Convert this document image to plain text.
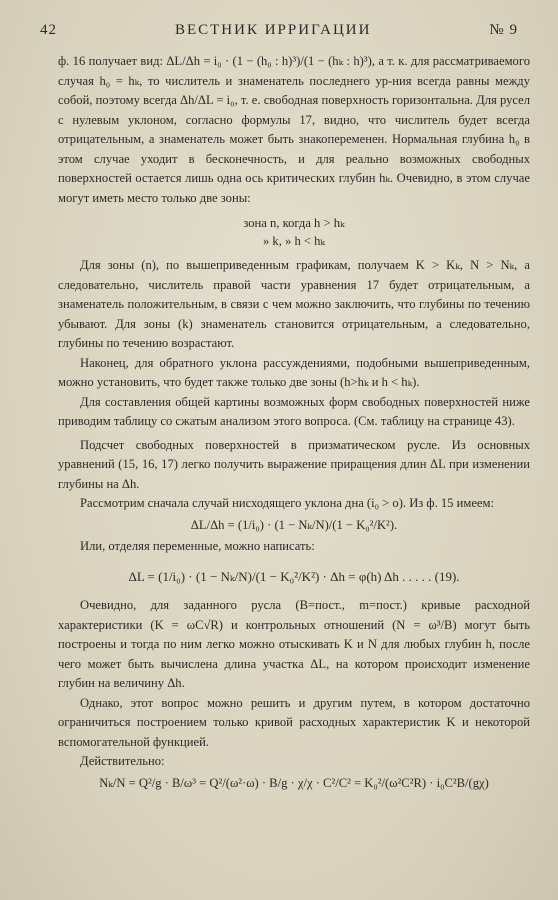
42	ВЕСТНИК ИРРИГАЦИИ	№ 9

ф. 16 получает вид: ΔL/Δh = i₀ · (1 − (h₀ : h)³)/(1 − (hₖ : h)³), а т. к. для рассматриваемого случая h₀ = hₖ, то числитель и знаменатель последнего ур-ния всегда равны между собой, поэтому всегда Δh/ΔL = i₀, т. е. свободная поверхность горизонтальна. Для русел с нулевым уклоном, согласно формулы 17, видно, что числитель будет всегда отрицательным, а знаменатель может быть знакопеременен. Нормальная глубина h₀ в этом случае уходит в бесконечность, и для реально возможных свободных поверхностей остается лишь одна ось критических глубин hₖ. Очевидно, в этом случае могут иметь место только две зоны:

зона n, когда h > hₖ
» k, » h < hₖ

Для зоны (n), по вышеприведенным графикам, получаем K > Kₖ, N > Nₖ, а следовательно, числитель правой части уравнения 17 будет отрицательным, а знаменатель положительным, в связи с чем можно заключить, что глубины по течению убывают. Для зоны (k) знаменатель становится отрицательным, а следовательно, глубины по течению возрастают.

Наконец, для обратного уклона рассуждениями, подобными вышеприведенным, можно установить, что будет также только две зоны (h>hₖ и h < hₖ).

Для составления общей картины возможных форм свободных поверхностей ниже приводим таблицу со сжатым анализом этого вопроса. (См. таблицу на странице 43).

Подсчет свободных поверхностей в призматическом русле. Из основных уравнений (15, 16, 17) легко получить выражение приращения длин ΔL при изменении глубины на Δh.

Рассмотрим сначала случай нисходящего уклона дна (i₀ > o). Из ф. 15 имеем:

ΔL/Δh = (1/i₀) · (1 − Nₖ/N)/(1 − K₀²/K²).

Или, отделяя переменные, можно написать:

ΔL = (1/i₀) · (1 − Nₖ/N)/(1 − K₀²/K²) · Δh = φ(h) Δh . . . . . (19).

Очевидно, для заданного русла (B=пост., m=пост.) кривые расходной характеристики (K = ωC√R) и контрольных отношений (N = ω³/B) могут быть построены и тогда по ним легко можно отыскивать K и N для любых глубин h, после чего может быть вычислена длина участка ΔL, на котором происходит изменение глубин на величину Δh.

Однако, этот вопрос можно решить и другим путем, в котором достаточно ограничиться построением только кривой расходных характеристик K и некоторой вспомогательной функцией.

Действительно:

Nₖ/N = Q²/g · B/ω³ = Q²/(ω²·ω) · B/g · χ/χ · C²/C² = K₀²/(ω²C²R) · i₀C²B/(gχ)
